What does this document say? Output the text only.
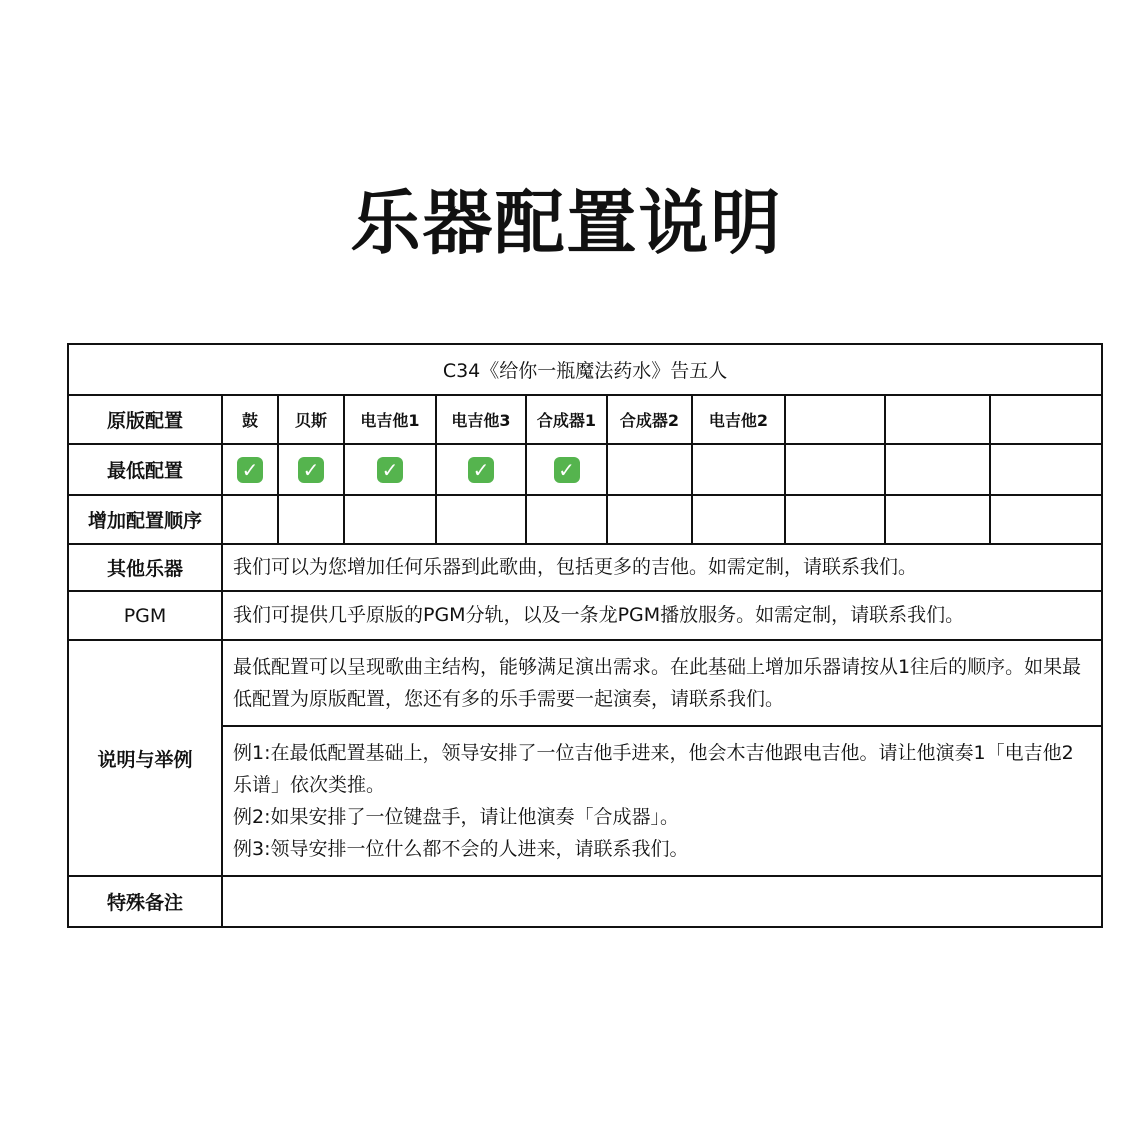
乐器配置说明
C34《给你一瓶魔法药水》告五人										
原版配置	鼓	贝斯	电吉他1	电吉他3	合成器1	合成器2	电吉他2			
最低配置	✓	✓	✓	✓	✓					
增加配置顺序										
其他乐器	我们可以为您增加任何乐器到此歌曲，包括更多的吉他。如需定制，请联系我们。									
PGM	我们可提供几乎原版的PGM分轨，以及一条龙PGM播放服务。如需定制，请联系我们。									
说明与举例	最低配置可以呈现歌曲主结构，能够满足演出需求。在此基础上增加乐器请按从1往后的顺序。如果最低配置为原版配置，您还有多的乐手需要一起演奏，请联系我们。									

	例1:在最低配置基础上，领导安排了一位吉他手进来，他会木吉他跟电吉他。请让他演奏1「电吉他2乐谱」依次类推。

例2:如果安排了一位键盘手，请让他演奏「合成器」。

例3:领导安排一位什么都不会的人进来，请联系我们。									

特殊备注										
